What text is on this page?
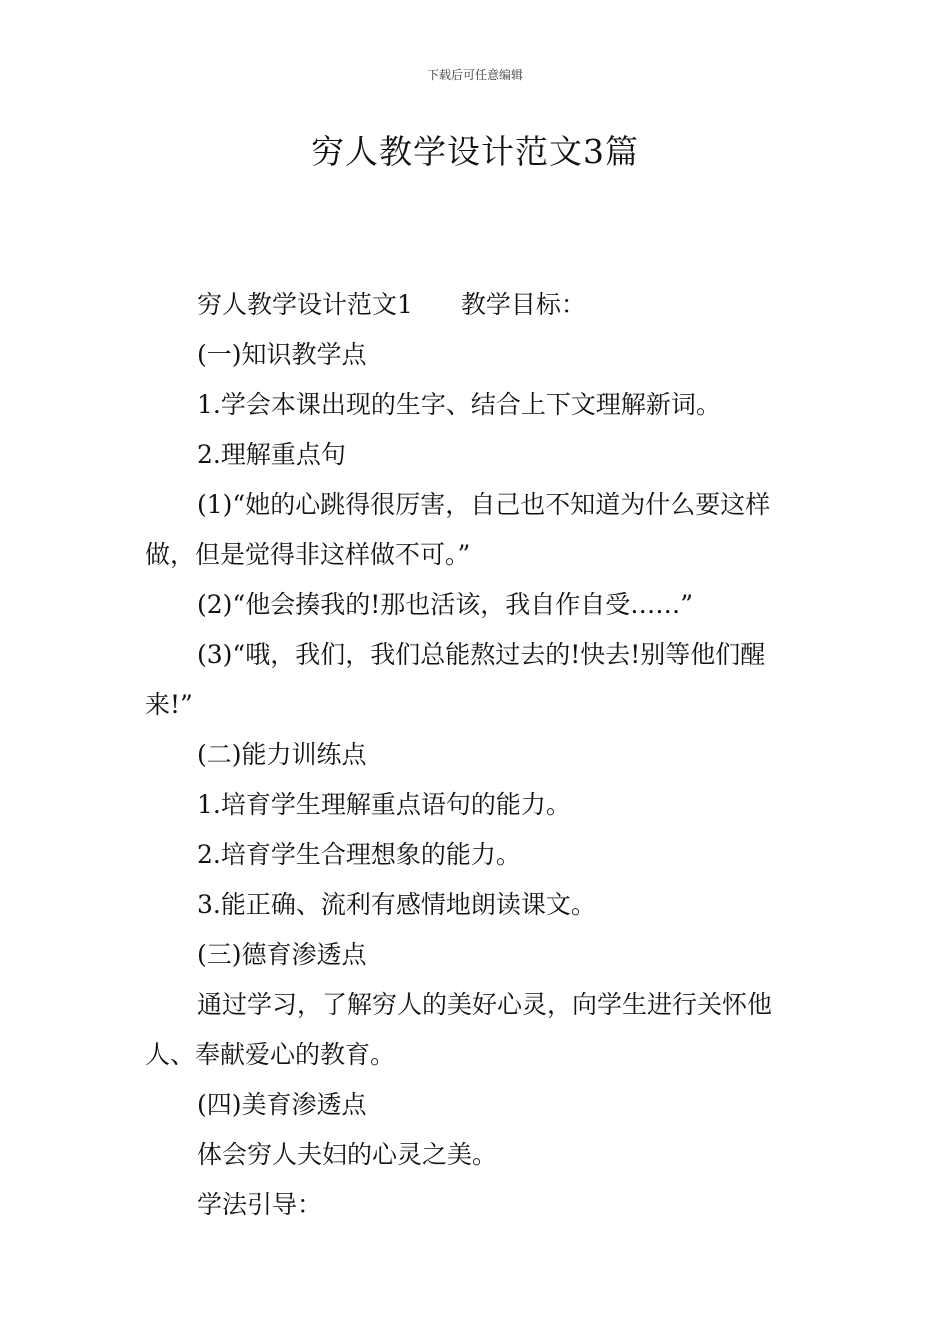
下载后可任意编辑
穷人教学设计范文3篇

穷人教学设计范文1 教学目标：

(一)知识教学点

1.学会本课出现的生字、结合上下文理解新词。

2.理解重点句

(1)“她的心跳得很厉害，自己也不知道为什么要这样做，但是觉得非这样做不可。”

(2)“他会揍我的!那也活该，我自作自受……”

(3)“哦，我们，我们总能熬过去的!快去!别等他们醒来!”

(二)能力训练点

1.培育学生理解重点语句的能力。

2.培育学生合理想象的能力。

3.能正确、流利有感情地朗读课文。

(三)德育渗透点

通过学习，了解穷人的美好心灵，向学生进行关怀他人、奉献爱心的教育。

(四)美育渗透点

体会穷人夫妇的心灵之美。

学法引导：
